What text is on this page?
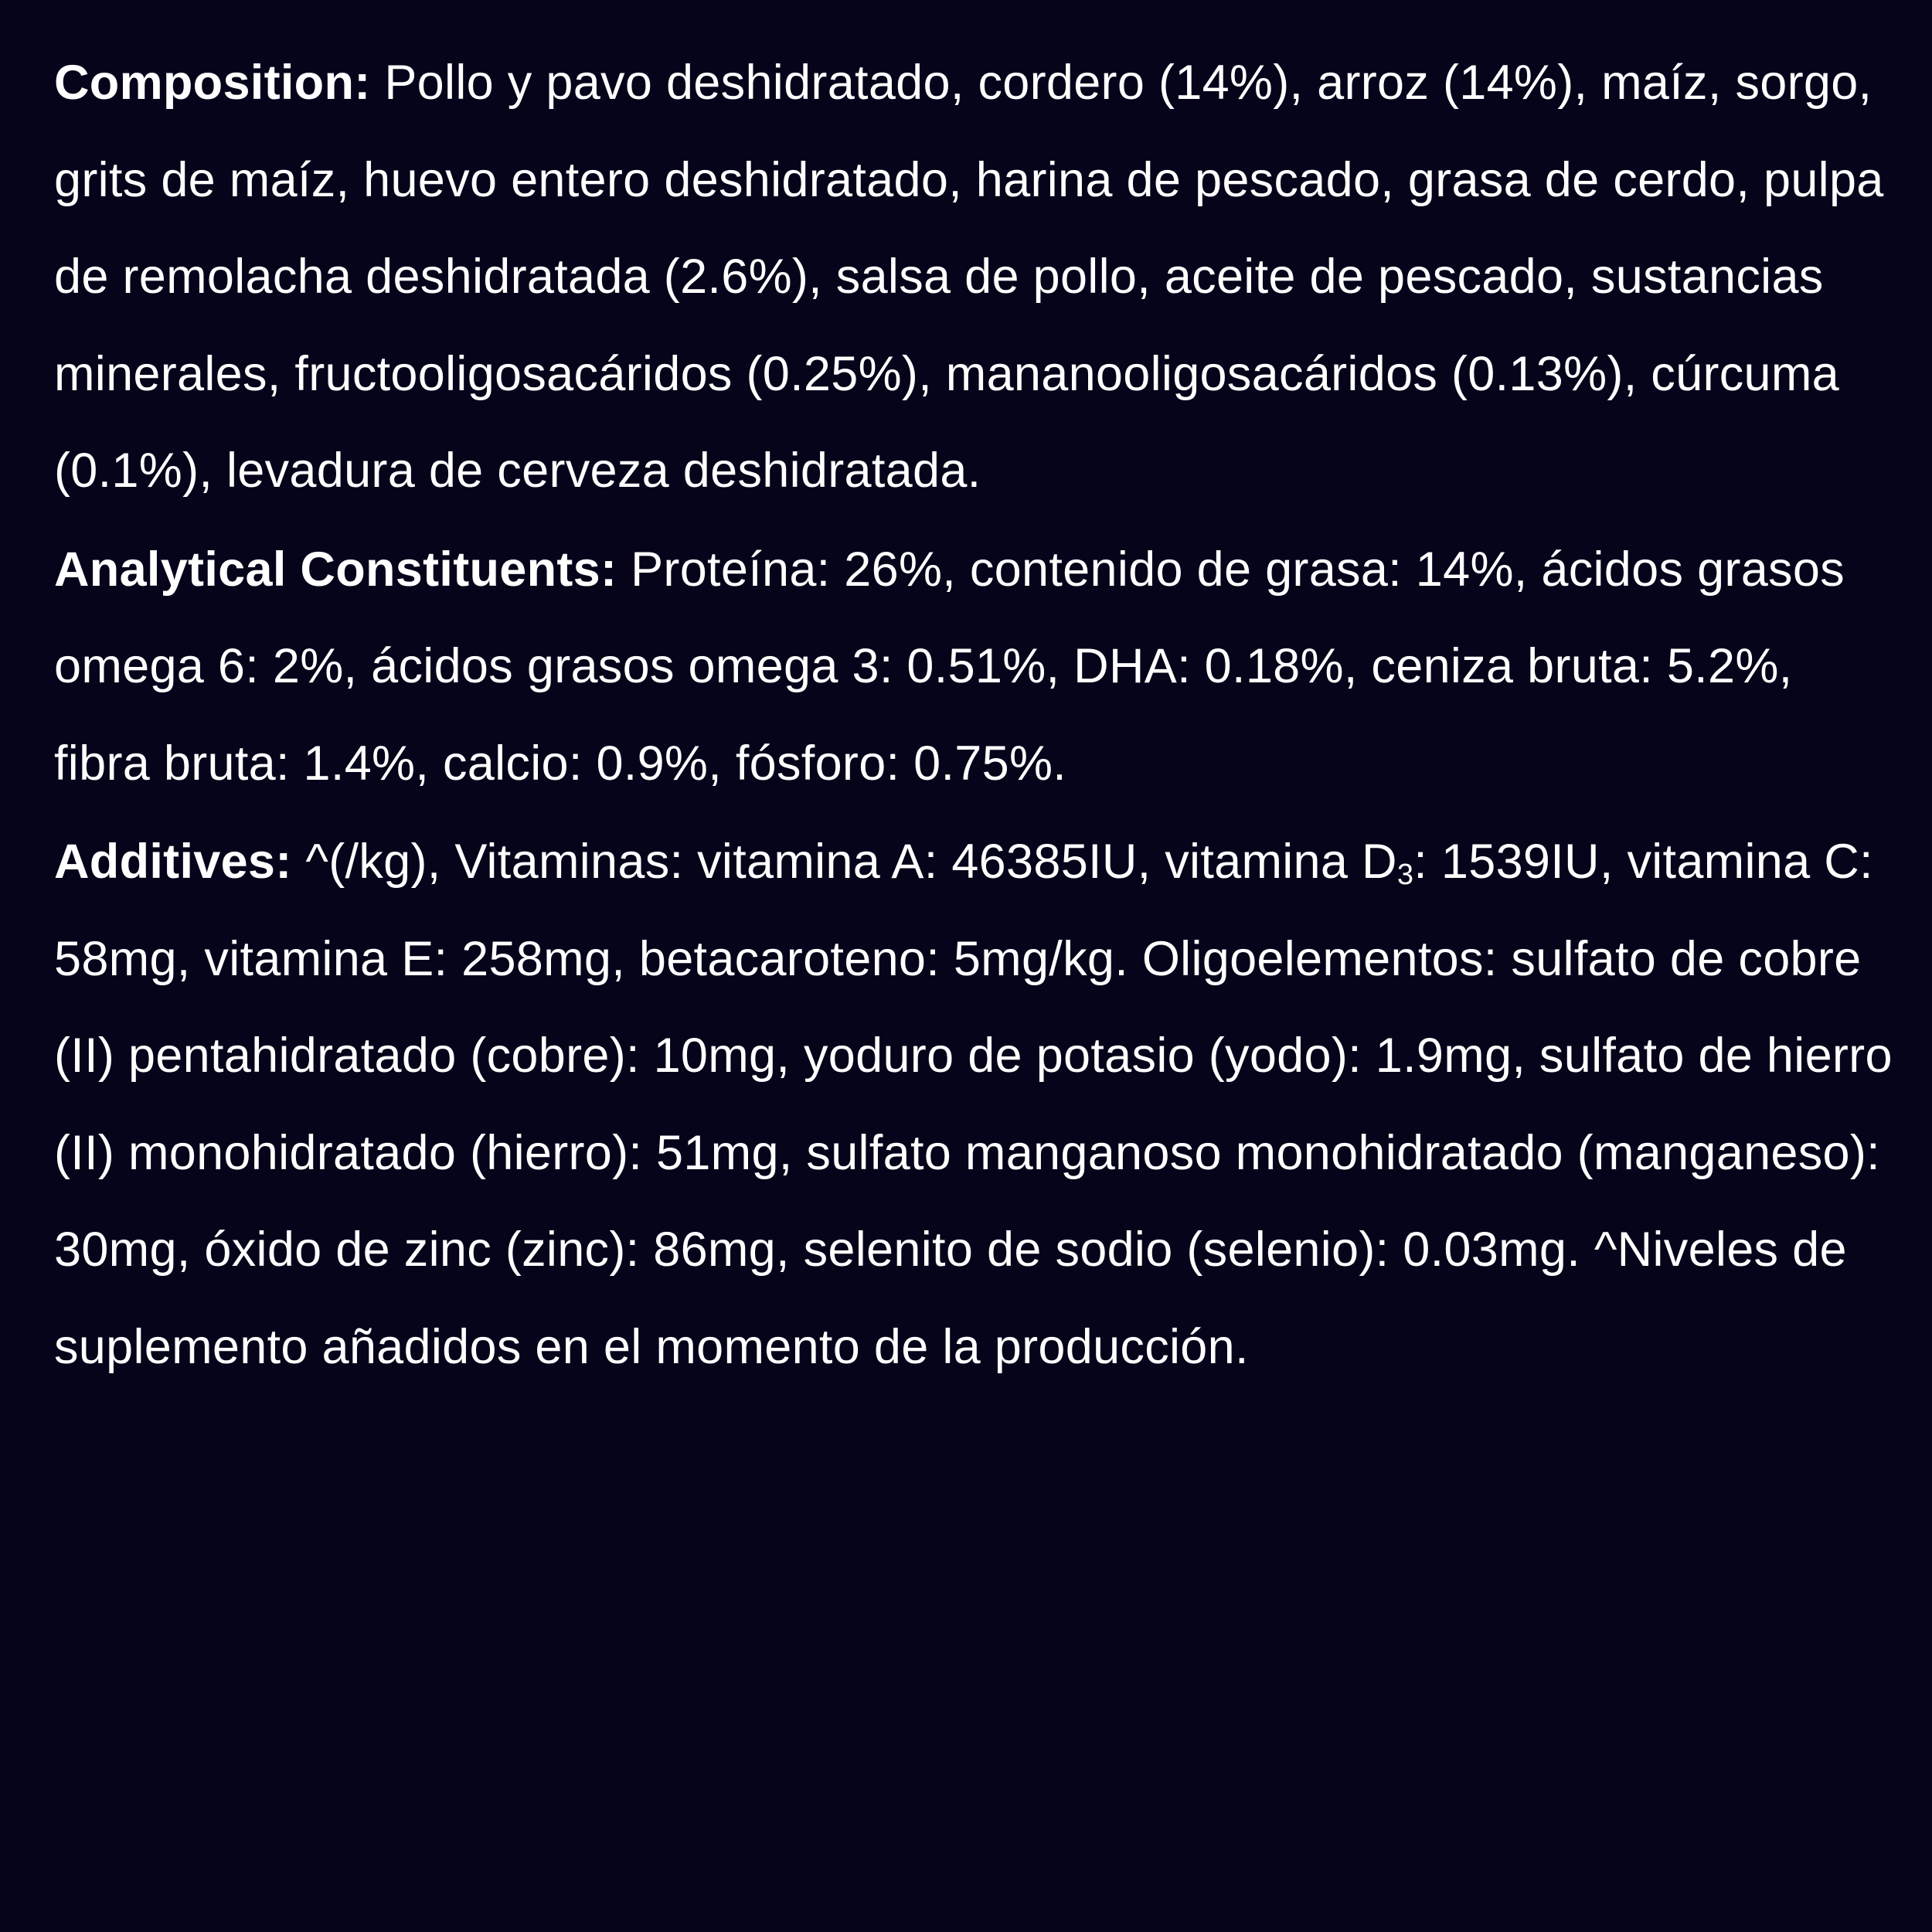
Composition: Pollo y pavo deshidratado, cordero (14%), arroz (14%), maíz, sorgo, grits de maíz, huevo entero deshidratado, harina de pescado, grasa de cerdo, pulpa de remolacha deshidratada (2.6%), salsa de pollo, aceite de pescado, sustancias minerales, fructooligosacáridos (0.25%), mananooligosacáridos (0.13%), cúrcuma (0.1%), levadura de cerveza deshidratada.

Analytical Constituents: Proteína: 26%, contenido de grasa: 14%, ácidos grasos omega 6: 2%, ácidos grasos omega 3: 0.51%, DHA: 0.18%, ceniza bruta: 5.2%, fibra bruta: 1.4%, calcio: 0.9%, fósforo: 0.75%.

Additives: ^(/kg), Vitaminas: vitamina A: 46385IU, vitamina D3: 1539IU, vitamina C: 58mg, vitamina E: 258mg, betacaroteno: 5mg/kg. Oligoelementos: sulfato de cobre (II) pentahidratado (cobre): 10mg, yoduro de potasio (yodo): 1.9mg, sulfato de hierro (II) monohidratado (hierro): 51mg, sulfato manganoso monohidratado (manganeso): 30mg, óxido de zinc (zinc): 86mg, selenito de sodio (selenio): 0.03mg. ^Niveles de suplemento añadidos en el momento de la producción.
